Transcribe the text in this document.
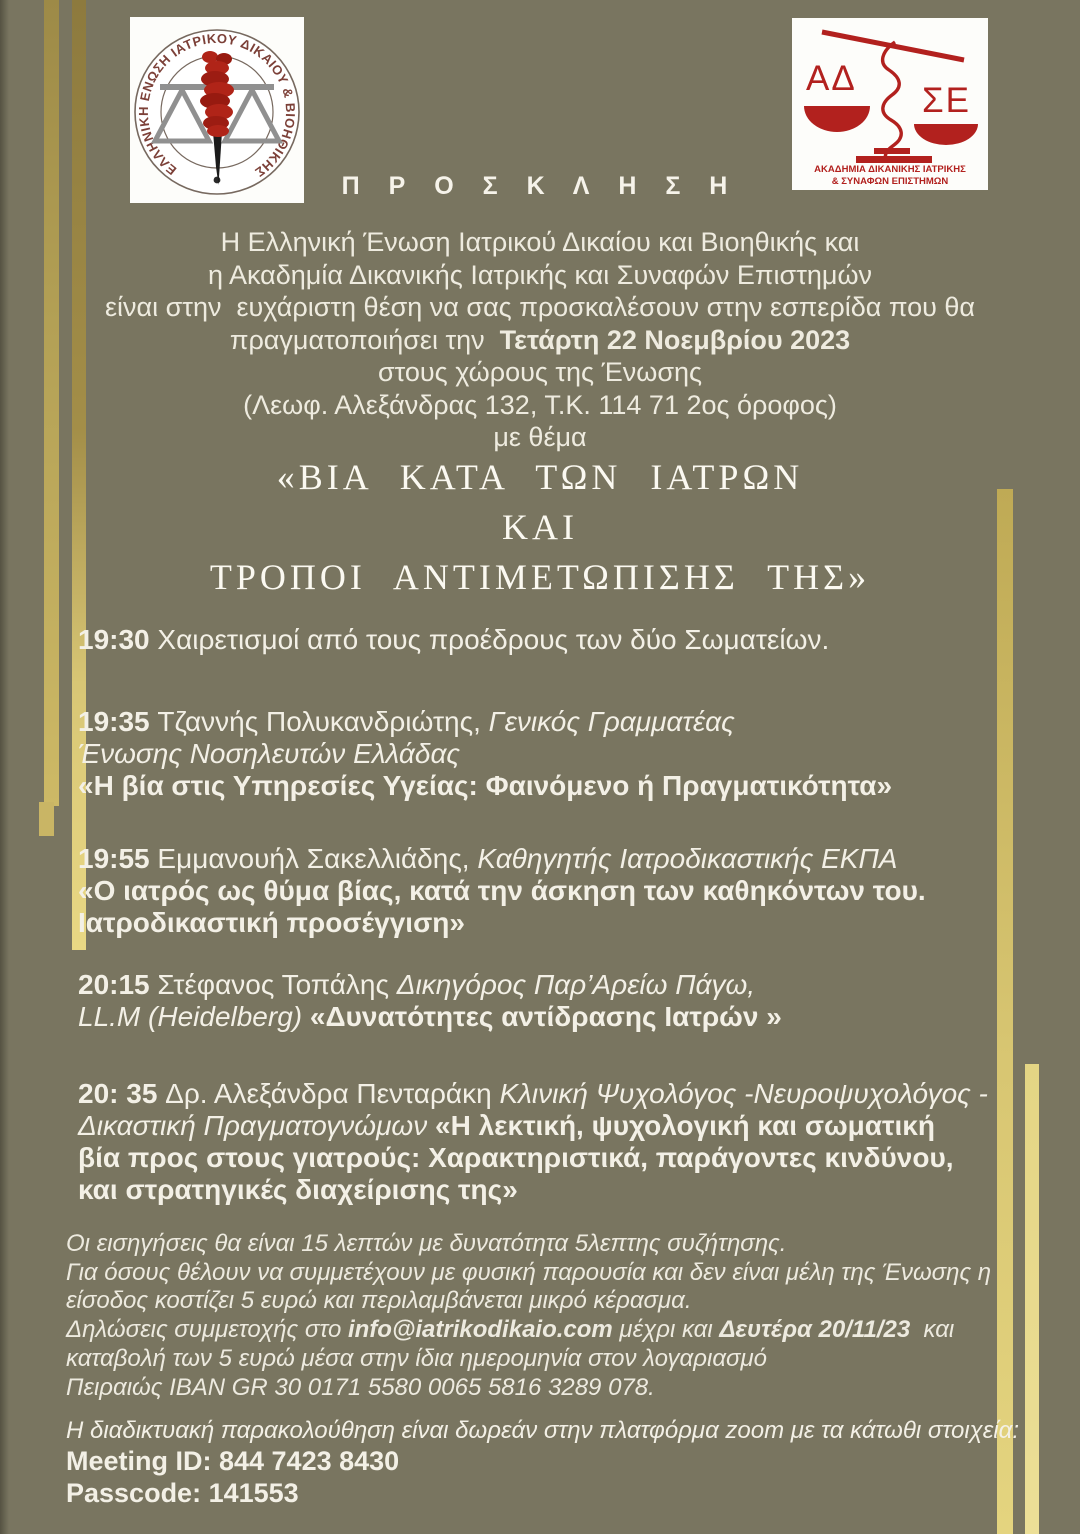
ΕΛΛΗΝΙΚΗ ΕΝΩΣΗ ΙΑΤΡΙΚΟΥ ΔΙΚΑΙΟΥ & ΒΙΟΗΘΙΚΗΣ
ΑΔ
ΣΕ
ΑΚΑΔΗΜΙΑ ΔΙΚΑΝΙΚΗΣ ΙΑΤΡΙΚΗΣ
& ΣΥΝΑΦΩΝ ΕΠΙΣΤΗΜΩΝ
Π Ρ Ο Σ Κ Λ Η Σ Η
Η Ελληνική Ένωση Ιατρικού Δικαίου και Βιοηθικής και
η Ακαδημία Δικανικής Ιατρικής και Συναφών Επιστημών
είναι στην  ευχάριστη θέση να σας προσκαλέσουν στην εσπερίδα που θα
πραγματοποιήσει την  Τετάρτη 22 Νοεμβρίου 2023
στους χώρους της Ένωσης
(Λεωφ. Αλεξάνδρας 132, Τ.Κ. 114 71 2ος όροφος)
με θέμα
«ΒΙΑ ΚΑΤΑ ΤΩΝ ΙΑΤΡΩΝ
ΚΑΙ
ΤΡΟΠΟΙ ΑΝΤΙΜΕΤΩΠΙΣΗΣ ΤΗΣ»
19:30 Χαιρετισμοί από τους προέδρους των δύο Σωματείων.
19:35 Τζαννής Πολυκανδριώτης, Γενικός Γραμματέας
Ένωσης Νοσηλευτών Ελλάδας
«Η βία στις Υπηρεσίες Υγείας: Φαινόμενο ή Πραγματικότητα»
19:55 Εμμανουήλ Σακελλιάδης, Καθηγητής Ιατροδικαστικής ΕΚΠΑ
«Ο ιατρός ως θύμα βίας, κατά την άσκηση των καθηκόντων του.
Ιατροδικαστική προσέγγιση»
20:15 Στέφανος Τοπάλης Δικηγόρος Παρ’Αρείω Πάγω,
LL.M (Heidelberg) «Δυνατότητες αντίδρασης Ιατρών »
20: 35 Δρ. Αλεξάνδρα Πενταράκη Κλινική Ψυχολόγος -Νευροψυχολόγος -
Δικαστική Πραγματογνώμων «Η λεκτική, ψυχολογική και σωματική
βία προς στους γιατρούς: Χαρακτηριστικά, παράγοντες κινδύνου,
και στρατηγικές διαχείρισης της»
Οι εισηγήσεις θα είναι 15 λεπτών με δυνατότητα 5λεπτης συζήτησης.
Για όσους θέλουν να συμμετέχουν με φυσική παρουσία και δεν είναι μέλη της Ένωσης η
είσοδος κοστίζει 5 ευρώ και περιλαμβάνεται μικρό κέρασμα.
Δηλώσεις συμμετοχής στο info@iatrikodikaio.com μέχρι και Δευτέρα 20/11/23  και
καταβολή των 5 ευρώ μέσα στην ίδια ημερομηνία στον λογαριασμό
Πειραιώς IBAN GR 30 0171 5580 0065 5816 3289 078.
Η διαδικτυακή παρακολούθηση είναι δωρεάν στην πλατφόρμα zoom με τα κάτωθι στοιχεία:
Meeting ID: 844 7423 8430
Passcode: 141553
